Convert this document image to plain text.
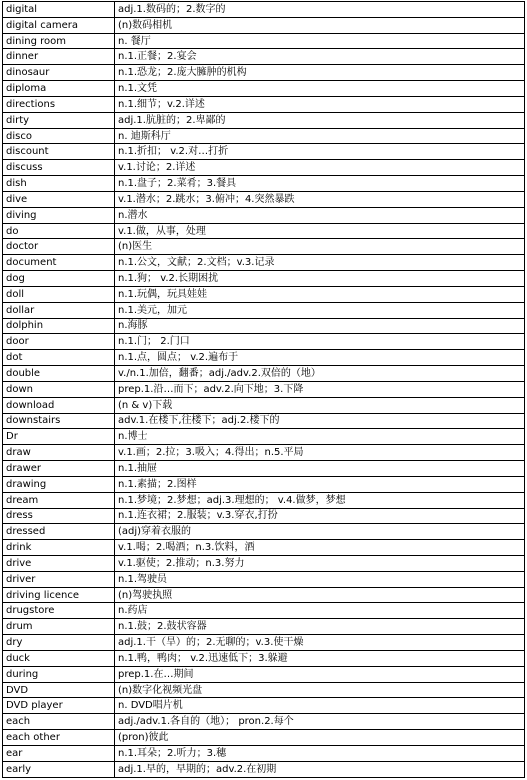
digital	adj.1.数码的；2.数字的
digital camera	(n)数码相机
dining room	n. 餐厅
dinner	n.1.正餐；2.宴会
dinosaur	n.1.恐龙；2.庞大臃肿的机构
diploma	n.1.文凭
directions	n.1.细节；v.2.详述
dirty	adj.1.肮脏的；2.卑鄙的
disco	n. 迪斯科厅
discount	n.1.折扣； v.2.对…打折
discuss	v.1.讨论；2.详述
dish	n.1.盘子；2.菜肴；3.餐具
dive	v.1.潜水；2.跳水；3.俯冲；4.突然暴跌
diving	n.潜水
do	v.1.做，从事，处理
doctor	(n)医生
document	n.1.公文，文献；2.文档；v.3.记录
dog	n.1.狗； v.2.长期困扰
doll	n.1.玩偶，玩具娃娃
dollar	n.1.美元，加元
dolphin	n.海豚
door	n.1.门； 2.门口
dot	n.1.点，圆点； v.2.遍布于
double	v./n.1.加倍，翻番；adj./adv.2.双倍的（地）
down	prep.1.沿…而下；adv.2.向下地；3.下降
download	(n & v)下载
downstairs	adv.1.在楼下,往楼下；adj.2.楼下的
Dr	n.博士
draw	v.1.画；2.拉；3.吸入；4.得出；n.5.平局
drawer	n.1.抽屉
drawing	n.1.素描；2.图样
dream	n.1.梦境；2.梦想；adj.3.理想的； v.4.做梦，梦想
dress	n.1.连衣裙；2.服装；v.3.穿衣,打扮
dressed	(adj)穿着衣服的
drink	v.1.喝；2.喝酒；n.3.饮料，酒
drive	v.1.驱使；2.推动；n.3.努力
driver	n.1.驾驶员
driving licence	(n)驾驶执照
drugstore	n.药店
drum	n.1.鼓；2.鼓状容器
dry	adj.1.干（旱）的；2.无聊的；v.3.使干燥
duck	n.1.鸭，鸭肉； v.2.迅速低下；3.躲避
during	prep.1.在…期间
DVD	(n)数字化视频光盘
DVD player	n. DVD唱片机
each	adj./adv.1.各自的（地）； pron.2.每个
each other	(pron)彼此
ear	n.1.耳朵；2.听力；3.穗
early	adj.1.早的，早期的；adv.2.在初期
